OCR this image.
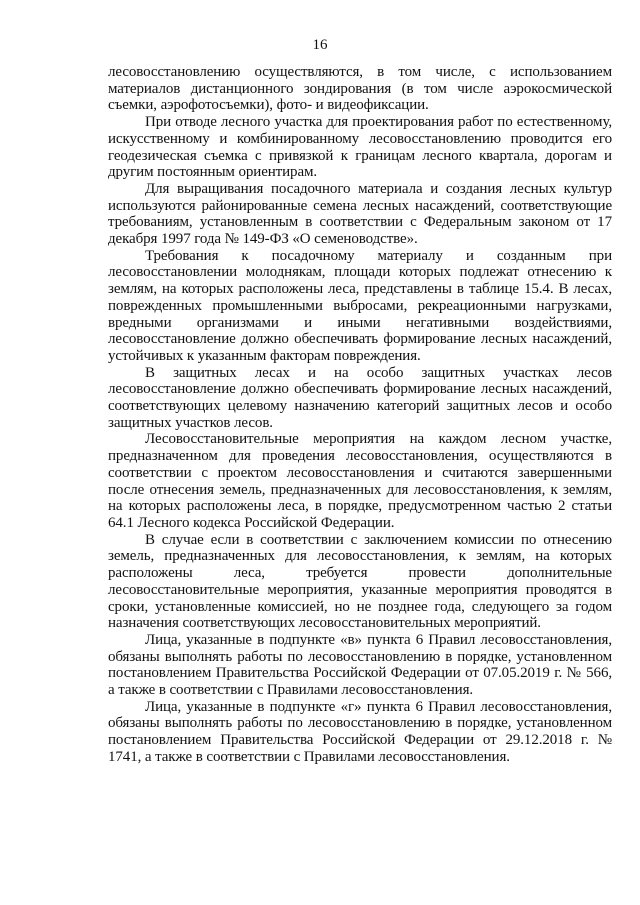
16

лесовосстановлению осуществляются, в том числе, с использованием материалов дистанционного зондирования (в том числе аэрокосмической съемки, аэрофотосъемки), фото- и видеофиксации.

При отводе лесного участка для проектирования работ по естественному, искусственному и комбинированному лесовосстановлению проводится его геодезическая съемка с привязкой к границам лесного квартала, дорогам и другим постоянным ориентирам.

Для выращивания посадочного материала и создания лесных культур используются районированные семена лесных насаждений, соответствующие требованиям, установленным в соответствии с Федеральным законом от 17 декабря 1997 года № 149-ФЗ «О семеноводстве».

Требования к посадочному материалу и созданным при лесовосстановлении молоднякам, площади которых подлежат отнесению к землям, на которых расположены леса, представлены в таблице 15.4. В лесах, поврежденных промышленными выбросами, рекреационными нагрузками, вредными организмами и иными негативными воздействиями, лесовосстановление должно обеспечивать формирование лесных насаждений, устойчивых к указанным факторам повреждения.

В защитных лесах и на особо защитных участках лесов лесовосстановление должно обеспечивать формирование лесных насаждений, соответствующих целевому назначению категорий защитных лесов и особо защитных участков лесов.

Лесовосстановительные мероприятия на каждом лесном участке, предназначенном для проведения лесовосстановления, осуществляются в соответствии с проектом лесовосстановления и считаются завершенными после отнесения земель, предназначенных для лесовосстановления, к землям, на которых расположены леса, в порядке, предусмотренном частью 2 статьи 64.1 Лесного кодекса Российской Федерации.

В случае если в соответствии с заключением комиссии по отнесению земель, предназначенных для лесовосстановления, к землям, на которых расположены леса, требуется провести дополнительные лесовосстановительные мероприятия, указанные мероприятия проводятся в сроки, установленные комиссией, но не позднее года, следующего за годом назначения соответствующих лесовосстановительных мероприятий.

Лица, указанные в подпункте «в» пункта 6 Правил лесовосстановления, обязаны выполнять работы по лесовосстановлению в порядке, установленном постановлением Правительства Российской Федерации от 07.05.2019 г. № 566, а также в соответствии с Правилами лесовосстановления.

Лица, указанные в подпункте «г» пункта 6 Правил лесовосстановления, обязаны выполнять работы по лесовосстановлению в порядке, установленном постановлением Правительства Российской Федерации от 29.12.2018 г. № 1741, а также в соответствии с Правилами лесовосстановления.
